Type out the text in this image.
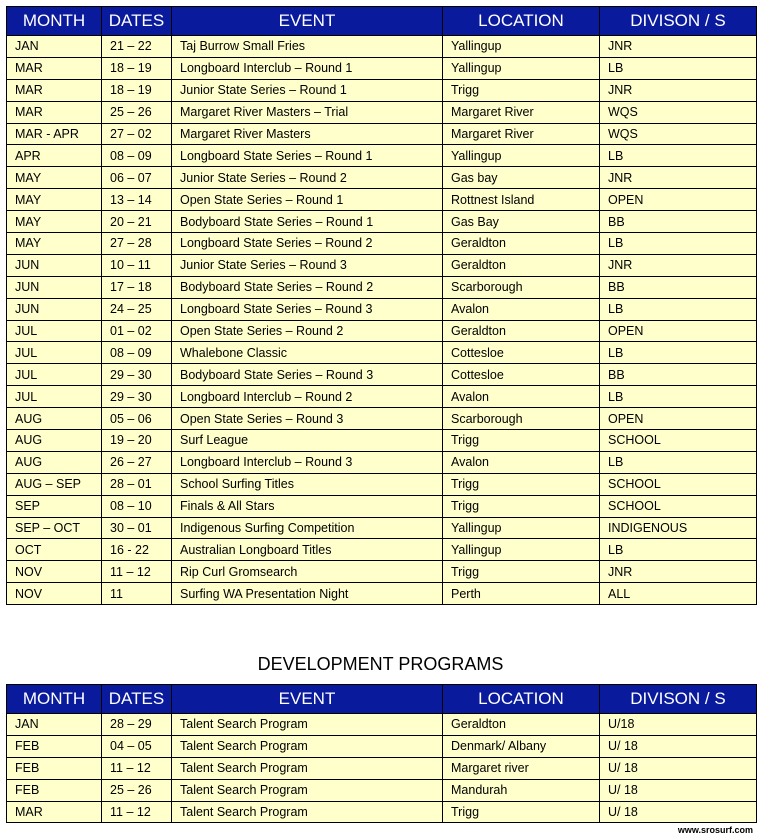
MONTH	DATES	EVENT	LOCATION	DIVISON / S
JAN	21 – 22	Taj Burrow Small Fries	Yallingup	JNR
MAR	18 – 19	Longboard Interclub – Round 1	Yallingup	LB
MAR	18 – 19	Junior State Series – Round 1	Trigg	JNR
MAR	25 – 26	Margaret River Masters – Trial	Margaret River	WQS
MAR - APR	27 – 02	Margaret River Masters	Margaret River	WQS
APR	08 – 09	Longboard State Series – Round 1	Yallingup	LB
MAY	06 – 07	Junior State Series – Round 2	Gas bay	JNR
MAY	13 – 14	Open State Series – Round 1	Rottnest Island	OPEN
MAY	20 – 21	Bodyboard State Series – Round 1	Gas Bay	BB
MAY	27 – 28	Longboard State Series – Round 2	Geraldton	LB
JUN	10 – 11	Junior State Series – Round 3	Geraldton	JNR
JUN	17 – 18	Bodyboard State Series – Round 2	Scarborough	BB
JUN	24 – 25	Longboard State Series – Round 3	Avalon	LB
JUL	01 – 02	Open State Series – Round 2	Geraldton	OPEN
JUL	08 – 09	Whalebone Classic	Cottesloe	LB
JUL	29 – 30	Bodyboard State Series – Round 3	Cottesloe	BB
JUL	29 – 30	Longboard Interclub – Round 2	Avalon	LB
AUG	05 – 06	Open State Series – Round 3	Scarborough	OPEN
AUG	19 – 20	Surf League	Trigg	SCHOOL
AUG	26 – 27	Longboard Interclub – Round 3	Avalon	LB
AUG – SEP	28 – 01	School Surfing Titles	Trigg	SCHOOL
SEP	08 – 10	Finals & All Stars	Trigg	SCHOOL
SEP – OCT	30 – 01	Indigenous Surfing Competition	Yallingup	INDIGENOUS
OCT	16 - 22	Australian Longboard Titles	Yallingup	LB
NOV	11 – 12	Rip Curl Gromsearch	Trigg	JNR
NOV	11	Surfing WA Presentation Night	Perth	ALL
DEVELOPMENT PROGRAMS
MONTH	DATES	EVENT	LOCATION	DIVISON / S
JAN	28 – 29	Talent Search Program	Geraldton	U/18
FEB	04 – 05	Talent Search Program	Denmark/ Albany	U/ 18
FEB	11 – 12	Talent Search Program	Margaret river	U/ 18
FEB	25 – 26	Talent Search Program	Mandurah	U/ 18
MAR	11 – 12	Talent Search Program	Trigg	U/ 18
www.srosurf.com
